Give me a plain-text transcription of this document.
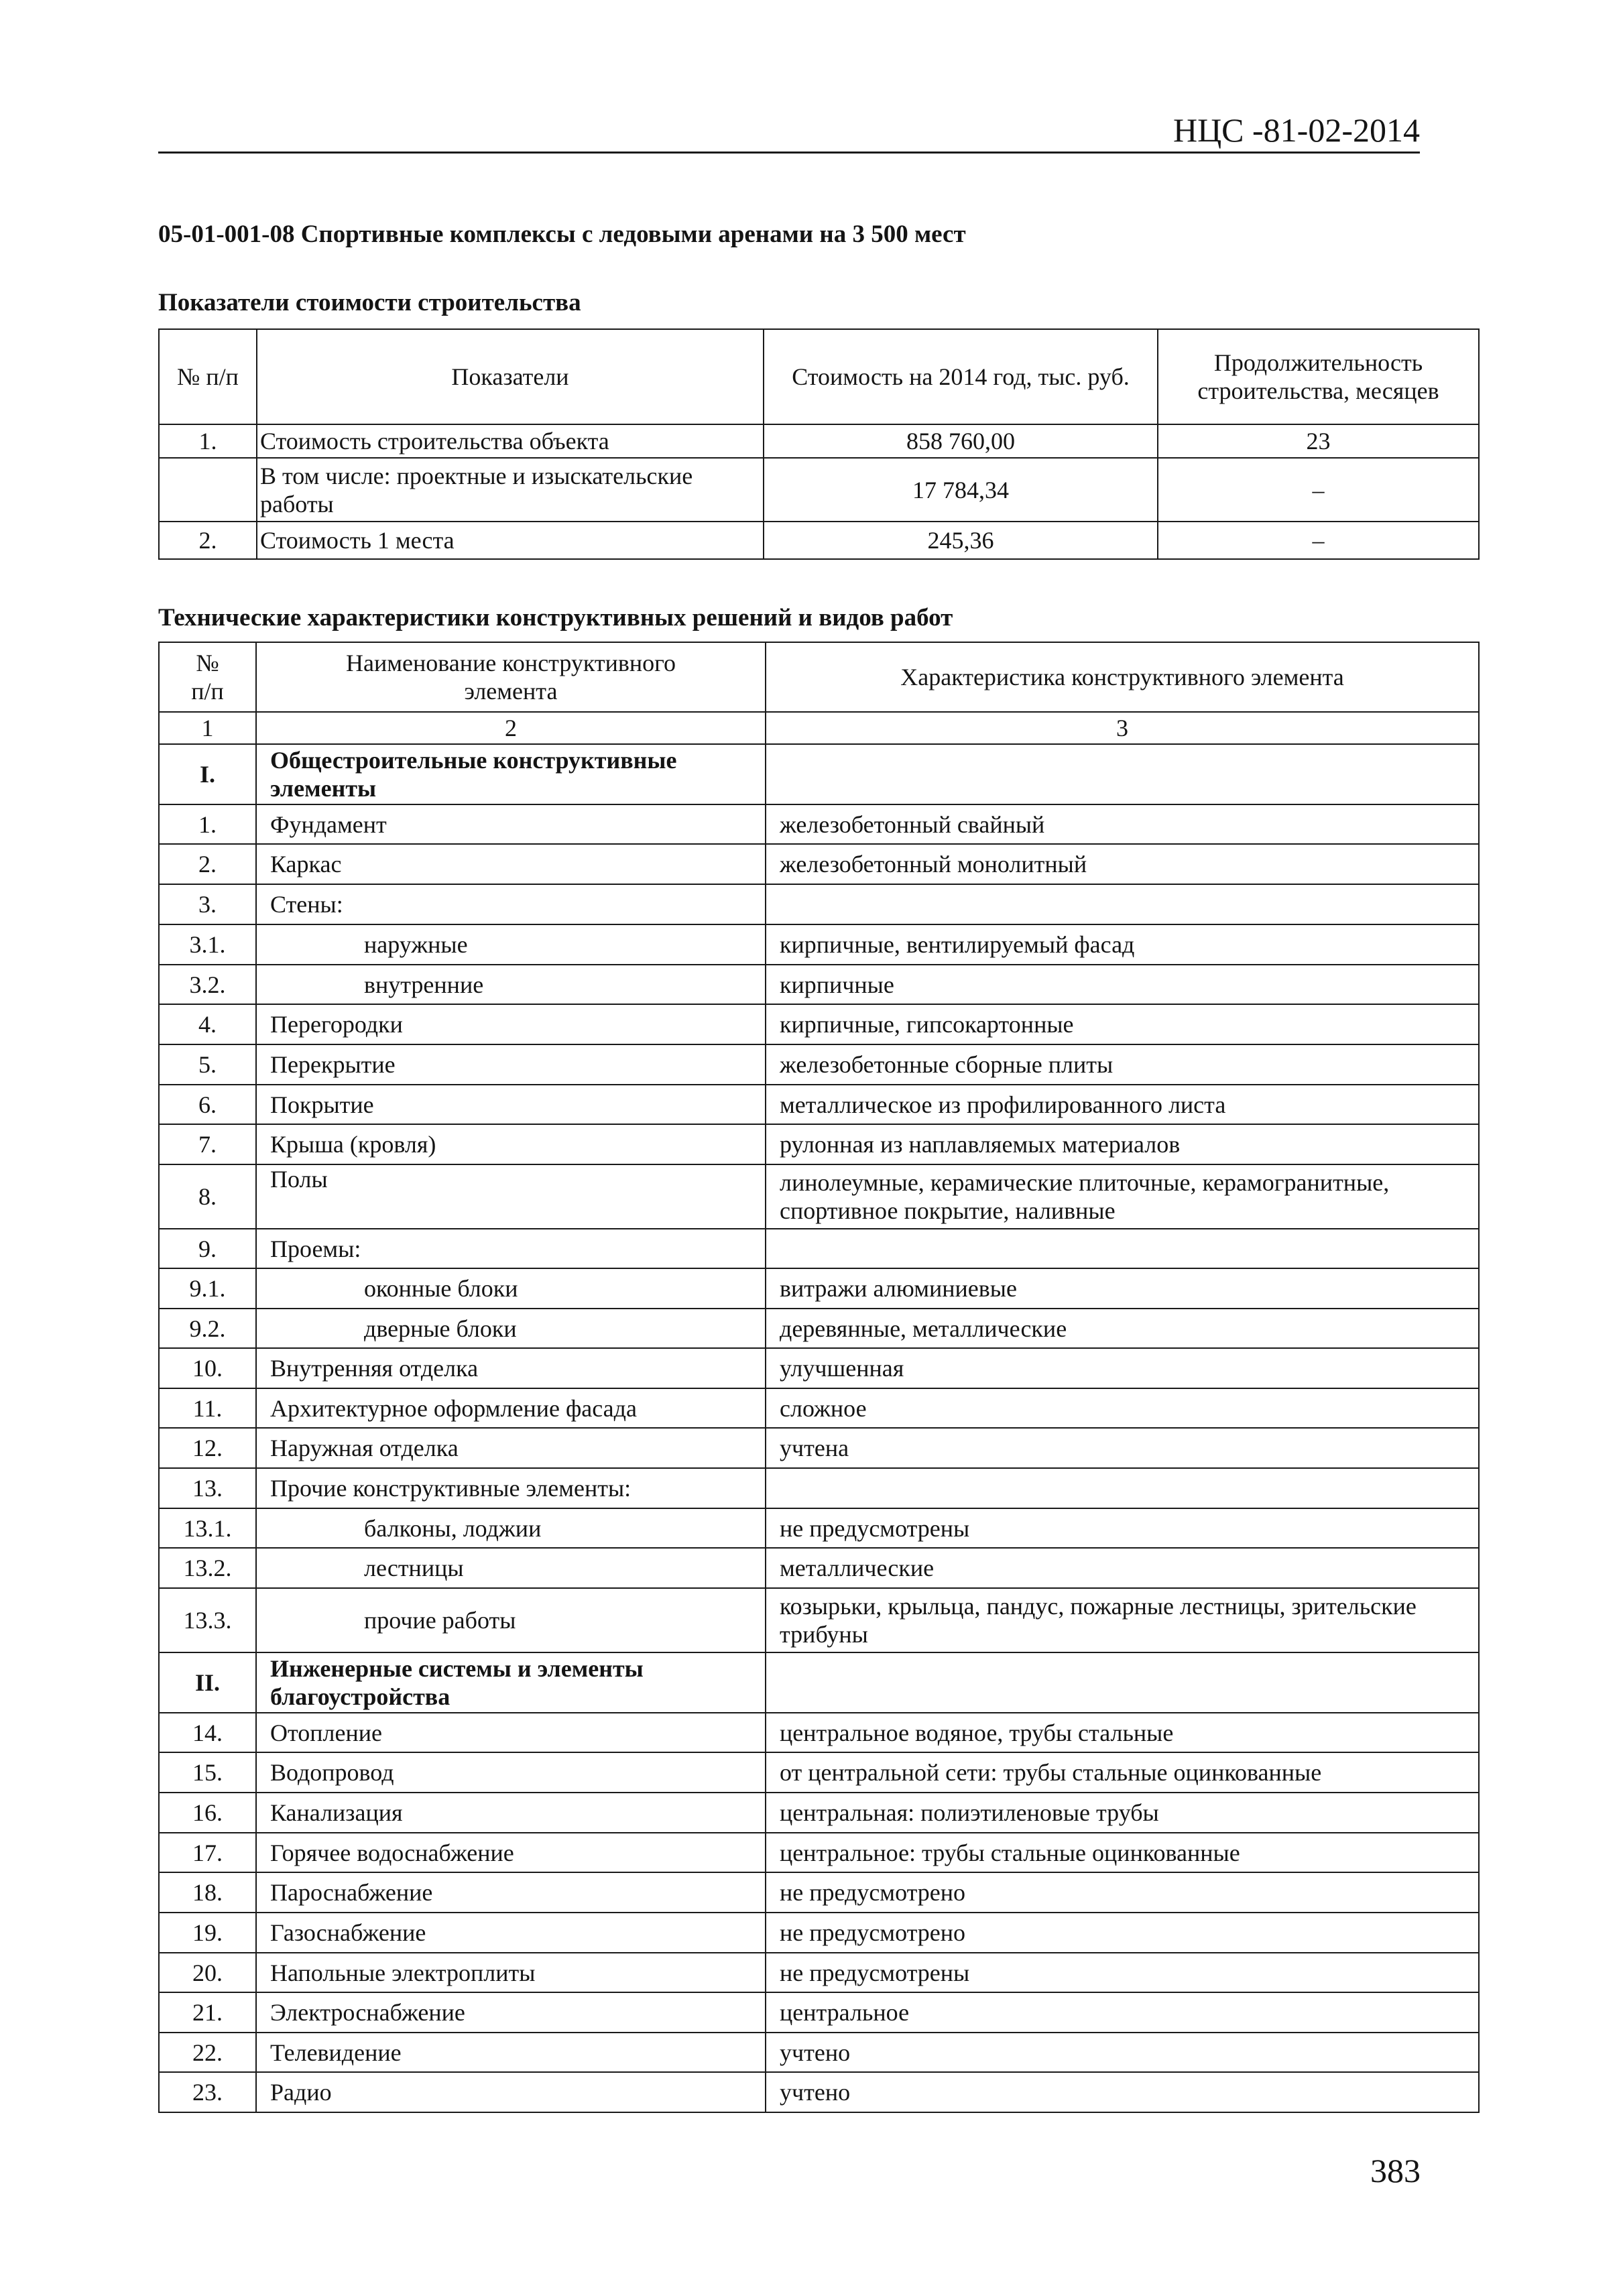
НЦС -81-02-2014
05-01-001-08 Спортивные комплексы с ледовыми аренами на 3 500 мест
Показатели стоимости строительства
№ п/п	Показатели	Стоимость на 2014 год, тыс. руб.	Продолжительность строительства, месяцев
1.	Стоимость строительства объекта	858 760,00	23
	В том числе: проектные и изыскательские работы	17 784,34	–
2.	Стоимость 1 места	245,36	–
Технические характеристики конструктивных решений и видов работ
№ п/п	Наименование конструктивного элемента	Характеристика конструктивного элемента
1	2	3
I.	Общестроительные конструктивные элементы	
1.	Фундамент	железобетонный свайный
2.	Каркас	железобетонный монолитный
3.	Стены:	
3.1.	наружные	кирпичные, вентилируемый фасад
3.2.	внутренние	кирпичные
4.	Перегородки	кирпичные, гипсокартонные
5.	Перекрытие	железобетонные сборные плиты
6.	Покрытие	металлическое из профилированного листа
7.	Крыша (кровля)	рулонная из наплавляемых материалов
8.	Полы	линолеумные, керамические плиточные, керамогранитные, спортивное покрытие, наливные
9.	Проемы:	
9.1.	оконные блоки	витражи алюминиевые
9.2.	дверные блоки	деревянные, металлические
10.	Внутренняя отделка	улучшенная
11.	Архитектурное оформление фасада	сложное
12.	Наружная отделка	учтена
13.	Прочие конструктивные элементы:	
13.1.	балконы, лоджии	не предусмотрены
13.2.	лестницы	металлические
13.3.	прочие работы	козырьки, крыльца, пандус, пожарные лестницы, зрительские трибуны
II.	Инженерные системы и элементы благоустройства	
14.	Отопление	центральное водяное, трубы стальные
15.	Водопровод	от центральной сети: трубы стальные оцинкованные
16.	Канализация	центральная: полиэтиленовые трубы
17.	Горячее водоснабжение	центральное: трубы стальные оцинкованные
18.	Пароснабжение	не предусмотрено
19.	Газоснабжение	не предусмотрено
20.	Напольные электроплиты	не предусмотрены
21.	Электроснабжение	центральное
22.	Телевидение	учтено
23.	Радио	учтено
383
